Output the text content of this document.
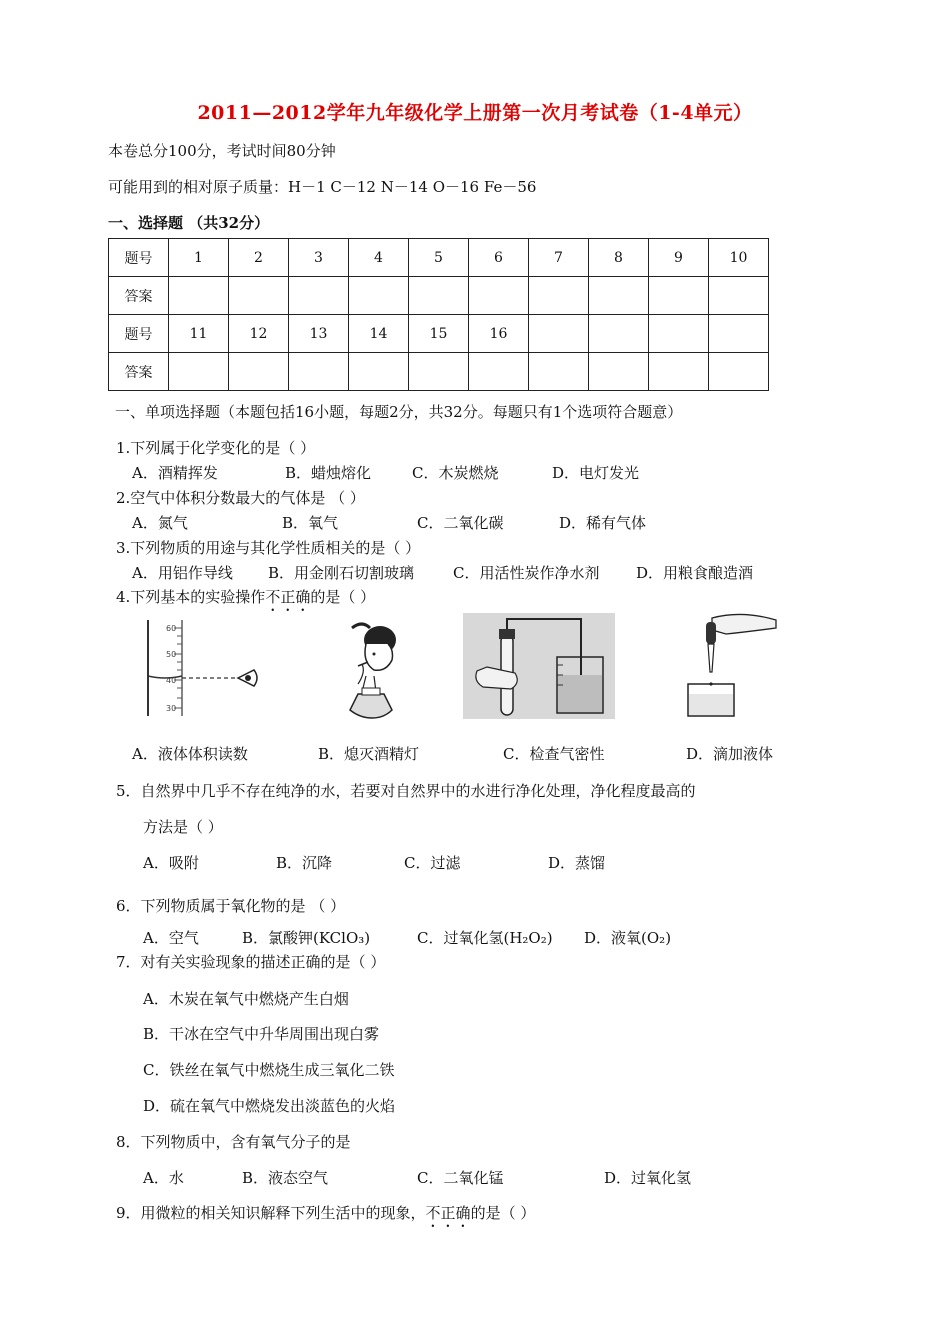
2011—2012学年九年级化学上册第一次月考试卷（1-4单元）
本卷总分100分，考试时间80分钟
可能用到的相对原子质量：H－1 C－12 N－14 O－16 Fe－56
一、选择题 （共32分）
题号	1	2	3	4	5	6	7	8	9	10
答案										
题号	11	12	13	14	15	16				
答案										
一、单项选择题（本题包括16小题，每题2分，共32分。每题只有1个选项符合题意）
1.下列属于化学变化的是（ ）
A．酒精挥发	B．蜡烛熔化	C．木炭燃烧	D．电灯发光
2.空气中体积分数最大的气体是 （ ）
A．氮气	B．氧气	C．二氧化碳	D．稀有气体
3.下列物质的用途与其化学性质相关的是（ ）
A．用铝作导线 B．用金刚石切割玻璃	C．用活性炭作净水剂 D．用粮食酿造酒
4.下列基本的实验操作不正确的是（ ）
60
50
40
30
A．液体体积读数	B．熄灭酒精灯	C．检查气密性	D．滴加液体
5．自然界中几乎不存在纯净的水，若要对自然界中的水进行净化处理，净化程度最高的
方法是（ ）
A．吸附	B．沉降	C．过滤	D．蒸馏
6．下列物质属于氧化物的是 （ ）
A．空气	B．氯酸钾(KClO₃)	C．过氧化氢(H₂O₂) D．液氧(O₂)
7．对有关实验现象的描述正确的是（ ）
A．木炭在氧气中燃烧产生白烟
B．干冰在空气中升华周围出现白雾
C．铁丝在氧气中燃烧生成三氧化二铁
D．硫在氧气中燃烧发出淡蓝色的火焰
8．下列物质中，含有氧气分子的是
A．水	B．液态空气	C．二氧化锰	D．过氧化氢
9．用微粒的相关知识解释下列生活中的现象，不正确的是（ ）
